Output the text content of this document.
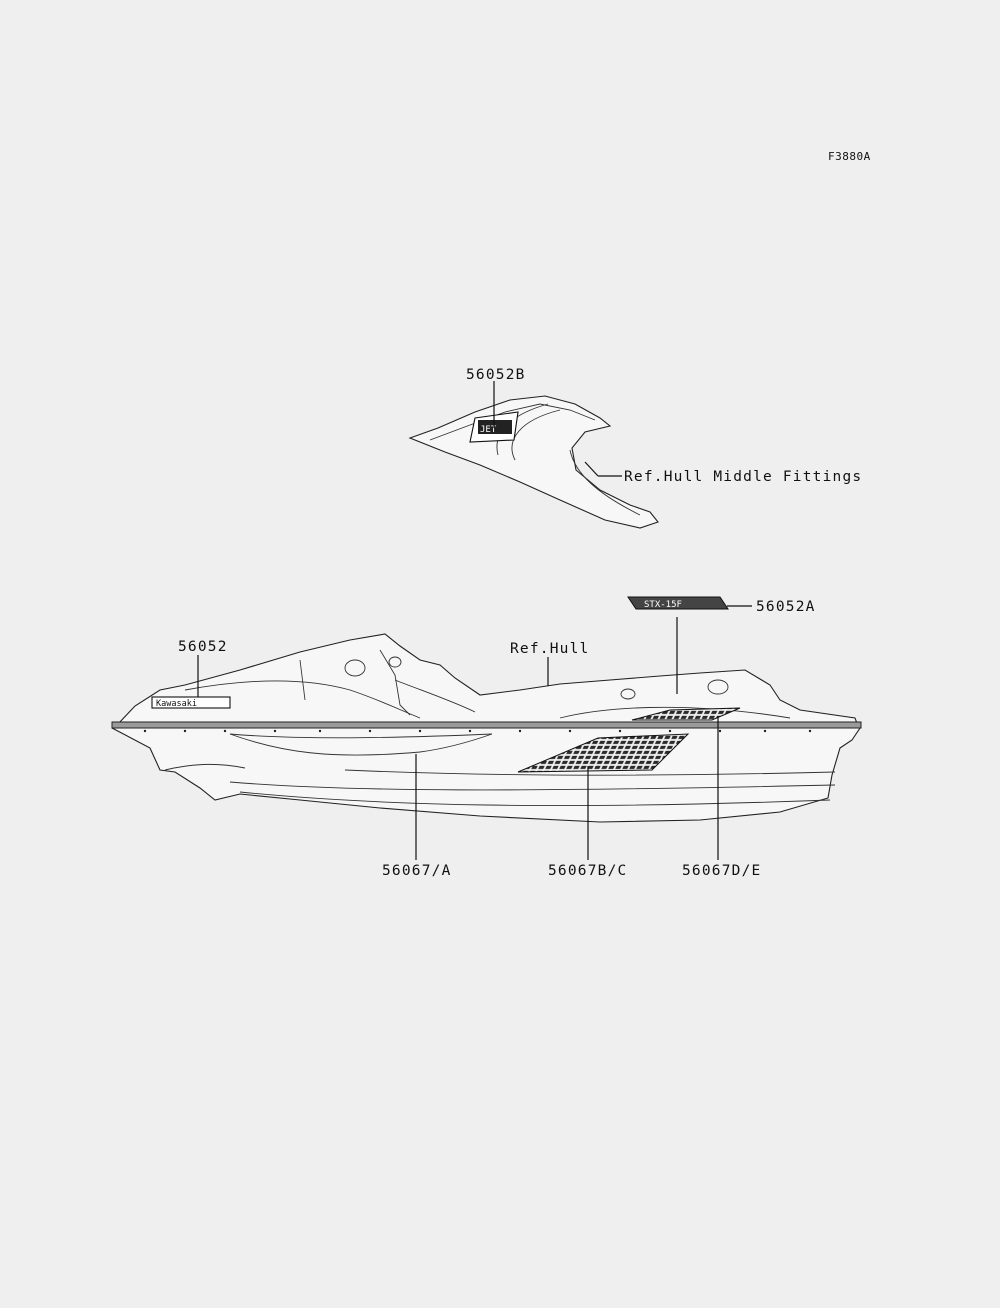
F3880A
JET
Kawasaki
STX-15F
56052B
Ref.Hull Middle Fittings
56052A
56052	Ref.Hull
56067/A	56067B/C	56067D/E
